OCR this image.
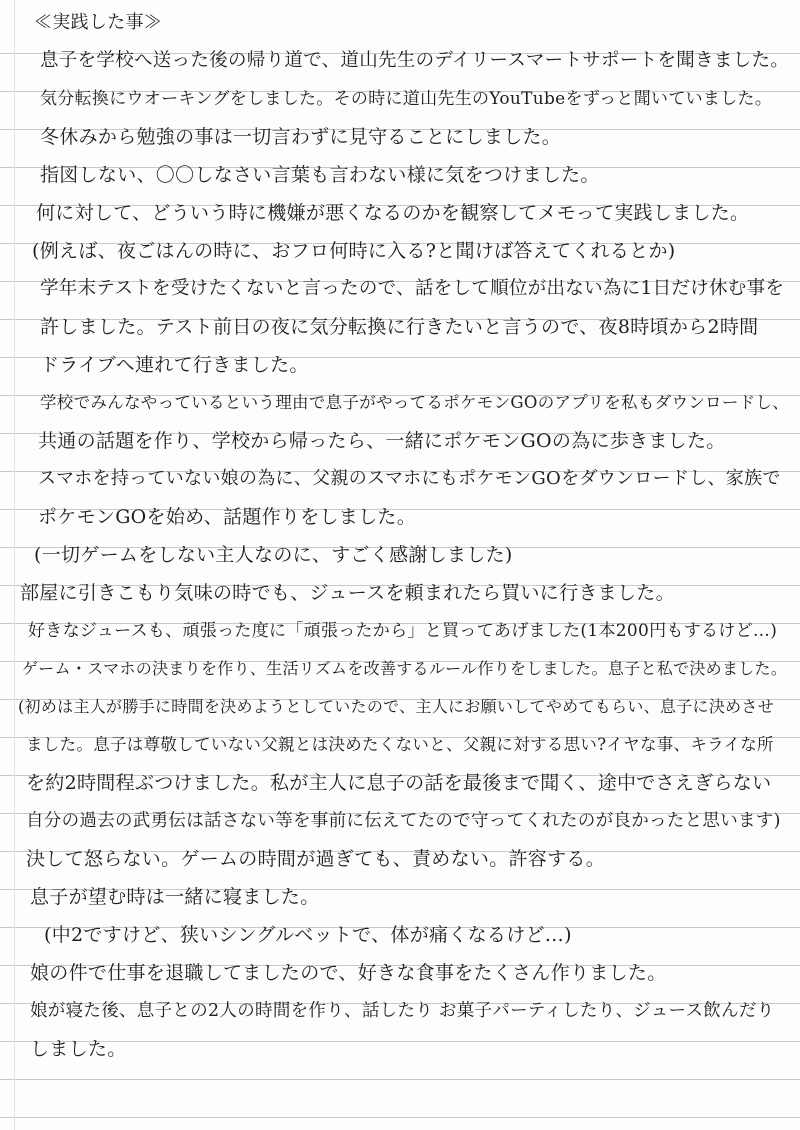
≪実践した事≫
息子を学校へ送った後の帰り道で、道山先生のデイリースマートサポートを聞きました。
気分転換にウオーキングをしました。その時に道山先生のYouTubeをずっと聞いていました。
冬休みから勉強の事は一切言わずに見守ることにしました。
指図しない、〇〇しなさい言葉も言わない様に気をつけました。
何に対して、どういう時に機嫌が悪くなるのかを観察してメモって実践しました。
(例えば、夜ごはんの時に、おフロ何時に入る?と聞けば答えてくれるとか)
学年末テストを受けたくないと言ったので、話をして順位が出ない為に1日だけ休む事を
許しました。テスト前日の夜に気分転換に行きたいと言うので、夜8時頃から2時間
ドライブへ連れて行きました。
学校でみんなやっているという理由で息子がやってるポケモンGOのアプリを私もダウンロードし、
共通の話題を作り、学校から帰ったら、一緒にポケモンGOの為に歩きました。
スマホを持っていない娘の為に、父親のスマホにもポケモンGOをダウンロードし、家族で
ポケモンGOを始め、話題作りをしました。
(一切ゲームをしない主人なのに、すごく感謝しました)
部屋に引きこもり気味の時でも、ジュースを頼まれたら買いに行きました。
好きなジュースも、頑張った度に「頑張ったから」と買ってあげました(1本200円もするけど…)
ゲーム・スマホの決まりを作り、生活リズムを改善するルール作りをしました。息子と私で決めました。
(初めは主人が勝手に時間を決めようとしていたので、主人にお願いしてやめてもらい、息子に決めさせ
ました。息子は尊敬していない父親とは決めたくないと、父親に対する思い?イヤな事、キライな所
を約2時間程ぶつけました。私が主人に息子の話を最後まで聞く、途中でさえぎらない
自分の過去の武勇伝は話さない等を事前に伝えてたので守ってくれたのが良かったと思います)
決して怒らない。ゲームの時間が過ぎても、責めない。許容する。
息子が望む時は一緒に寝ました。
(中2ですけど、狭いシングルベットで、体が痛くなるけど…)
娘の件で仕事を退職してましたので、好きな食事をたくさん作りました。
娘が寝た後、息子との2人の時間を作り、話したり お菓子パーティしたり、ジュース飲んだり
しました。
